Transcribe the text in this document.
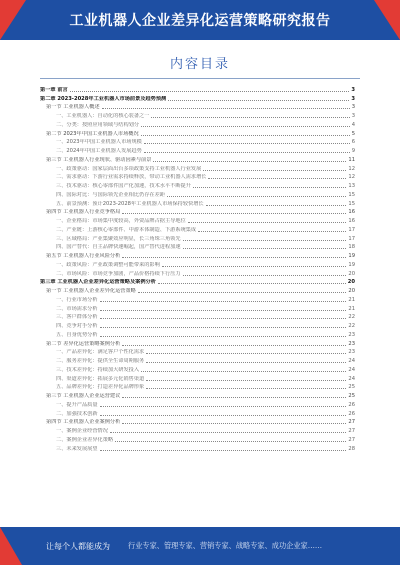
工业机器人企业差异化运营策略研究报告
内容目录
第一章 前言	3
第二章 2023-2028年工业机器人市场前景及趋势预测	3
第一节 工业机器人概述	3
一、工业机器人：自动化的核心装备之一	3
二、分类：按照应用领域与结构划分	4
第二节 2023年中国工业机器人市场概况	5
一、2023年中国工业机器人市场规模	6
二、2024年中国工业机器人发展趋势	9
第三节 工业机器人行业现状、驱动因素与前景	11
一、政策驱动：国家层面出台多项政策支持工业机器人行业发展	12
二、需求驱动：下游行业需求持续释放，带动工业机器人需求增长	12
三、技术驱动：核心零部件国产化加速，技术水平不断提升	13
四、国际对比：与国际领先企业相比仍存在差距	15
五、前景预测：预计2023-2028年工业机器人市场保持较快增长	15
第四节 工业机器人行业竞争格局	16
一、企业格局：市场集中度较高，外资品牌占据主导地位	16
二、产业链：上游核心零部件、中游本体制造、下游系统集成	17
三、区域格局：产业集聚效应明显，长三角珠三角领先	17
四、国产替代：自主品牌快速崛起，国产替代进程加速	18
第五节 工业机器人行业风险分析	19
一、政策风险：产业政策调整可能带来的影响	19
二、市场风险：市场竞争加剧，产品价格持续下行压力	20
第三章 工业机器人企业差异化运营策略及案例分析	20
第一节 工业机器人企业差异化运营策略	20
一、行业市场分析	21
二、市场需求分析	21
三、客户群体分析	22
四、竞争对手分析	22
五、自身优势分析	23
第二节 差异化运营策略案例分析	23
一、产品差异化：满足客户个性化需求	23
二、服务差异化：提供全生命周期服务	24
三、技术差异化：持续加大研发投入	24
四、渠道差异化：拓展多元化销售渠道	24
五、品牌差异化：打造差异化品牌形象	25
第三节 工业机器人企业运营建议	25
一、提升产品质量	26
二、加强技术创新	26
第四节 工业机器人企业案例分析	27
一、案例企业经营情况	27
二、案例企业差异化策略	27
三、未来发展展望	28
让每个人都能成为	行业专家、管理专家、营销专家、战略专家、成功企业家……
